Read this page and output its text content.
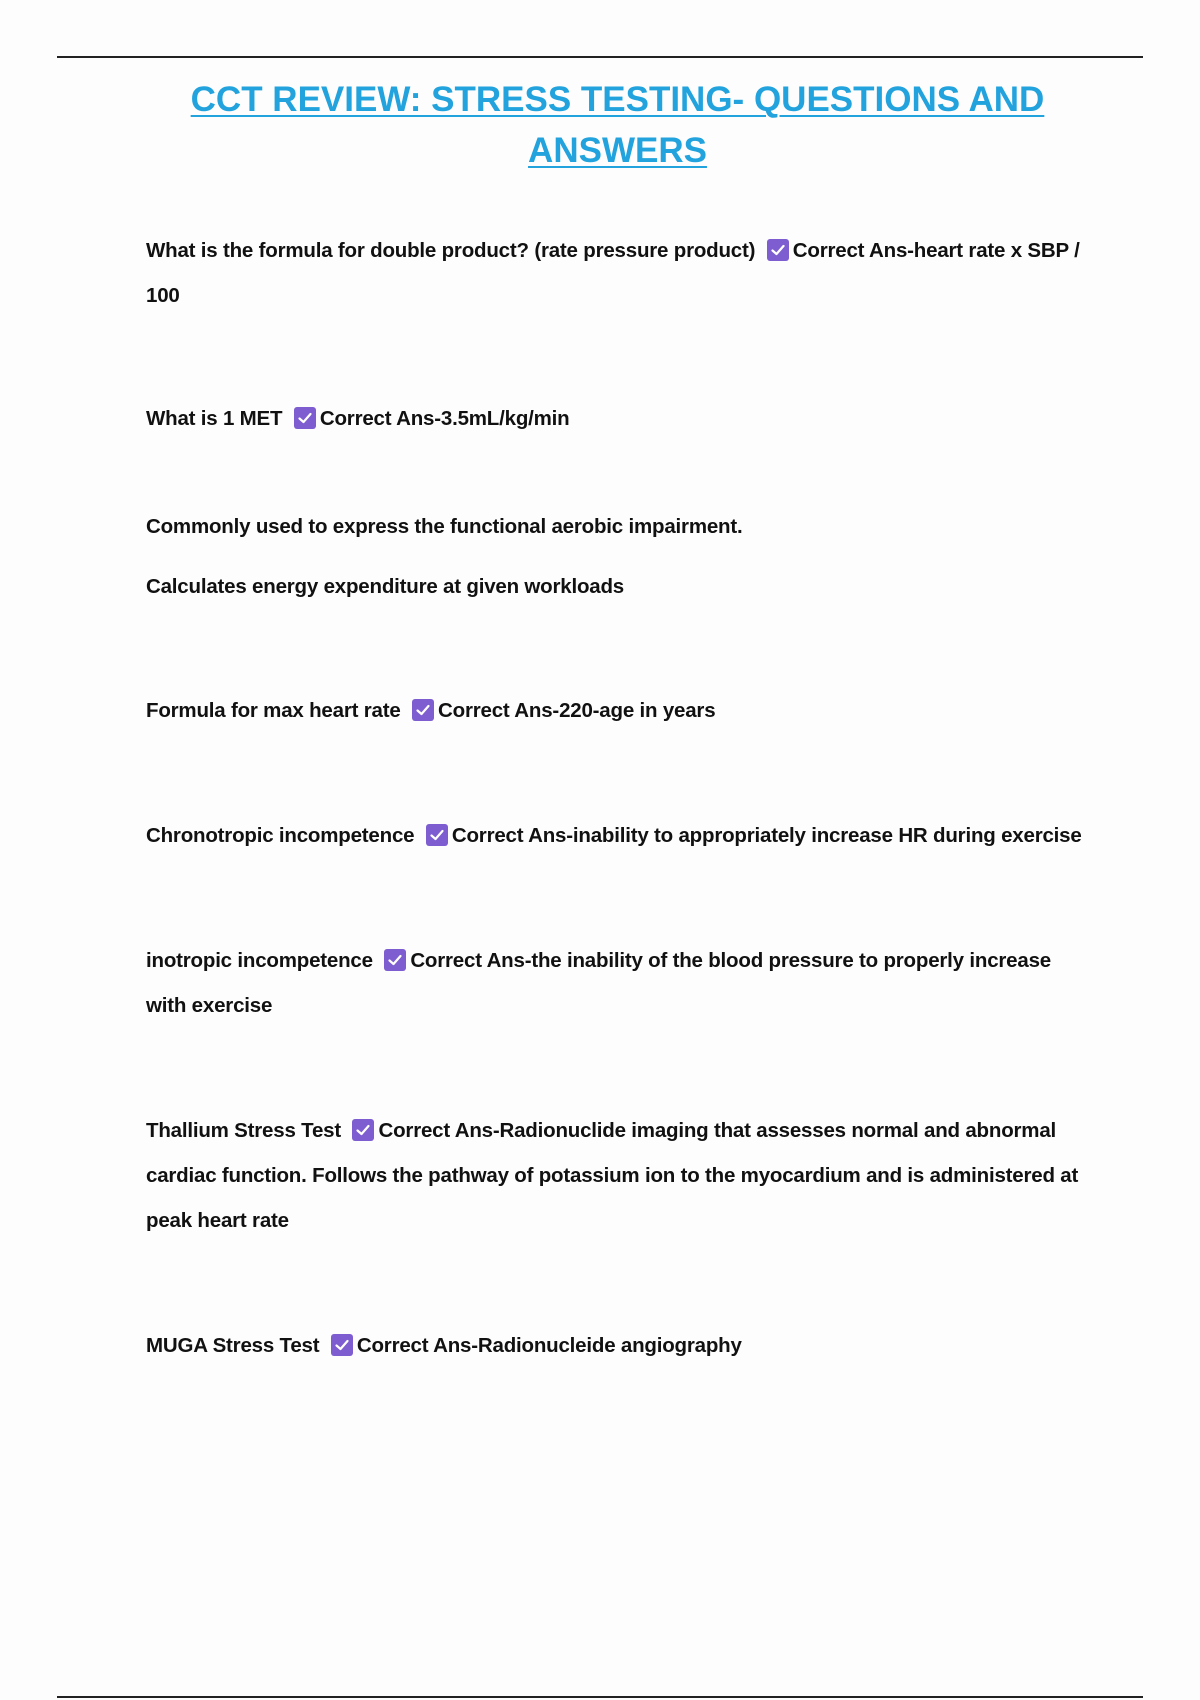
CCT REVIEW: STRESS TESTING- QUESTIONS AND ANSWERS

What is the formula for double product? (rate pressure product) Correct Ans-heart rate x SBP / 100

What is 1 MET Correct Ans-3.5mL/kg/min

Commonly used to express the functional aerobic impairment.

Calculates energy expenditure at given workloads

Formula for max heart rate Correct Ans-220-age in years

Chronotropic incompetence Correct Ans-inability to appropriately increase HR during exercise

inotropic incompetence Correct Ans-the inability of the blood pressure to properly increase with exercise

Thallium Stress Test Correct Ans-Radionuclide imaging that assesses normal and abnormal cardiac function. Follows the pathway of potassium ion to the myocardium and is administered at peak heart rate

MUGA Stress Test Correct Ans-Radionucleide angiography
